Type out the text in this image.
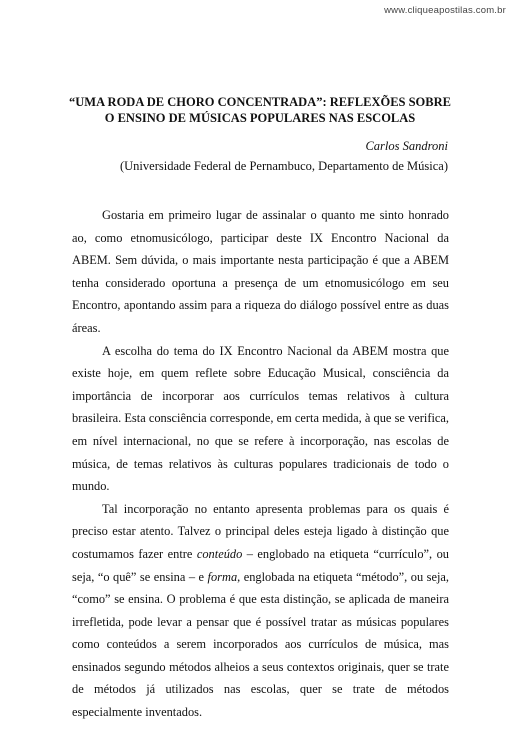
www.cliqueapostilas.com.br
“UMA RODA DE CHORO CONCENTRADA”: REFLEXÕES SOBRE
O ENSINO DE MÚSICAS POPULARES NAS ESCOLAS

Carlos Sandroni

(Universidade Federal de Pernambuco, Departamento de Música)

Gostaria em primeiro lugar de assinalar o quanto me sinto honrado ao, como etnomusicólogo, participar deste IX Encontro Nacional da ABEM. Sem dúvida, o mais importante nesta participação é que a ABEM tenha considerado oportuna a presença de um etnomusicólogo em seu Encontro, apontando assim para a riqueza do diálogo possível entre as duas áreas.

A escolha do tema do IX Encontro Nacional da ABEM mostra que existe hoje, em quem reflete sobre Educação Musical, consciência da importância de incorporar aos currículos temas relativos à cultura brasileira. Esta consciência corresponde, em certa medida, à que se verifica, em nível internacional, no que se refere à incorporação, nas escolas de música, de temas relativos às culturas populares tradicionais de todo o mundo.

Tal incorporação no entanto apresenta problemas para os quais é preciso estar atento. Talvez o principal deles esteja ligado à distinção que costumamos fazer entre conteúdo – englobado na etiqueta “currículo”, ou seja, “o quê” se ensina – e forma, englobada na etiqueta “método”, ou seja, “como” se ensina. O problema é que esta distinção, se aplicada de maneira irrefletida, pode levar a pensar que é possível tratar as músicas populares como conteúdos a serem incorporados aos currículos de música, mas ensinados segundo métodos alheios a seus contextos originais, quer se trate de métodos já utilizados nas escolas, quer se trate de métodos especialmente inventados.
